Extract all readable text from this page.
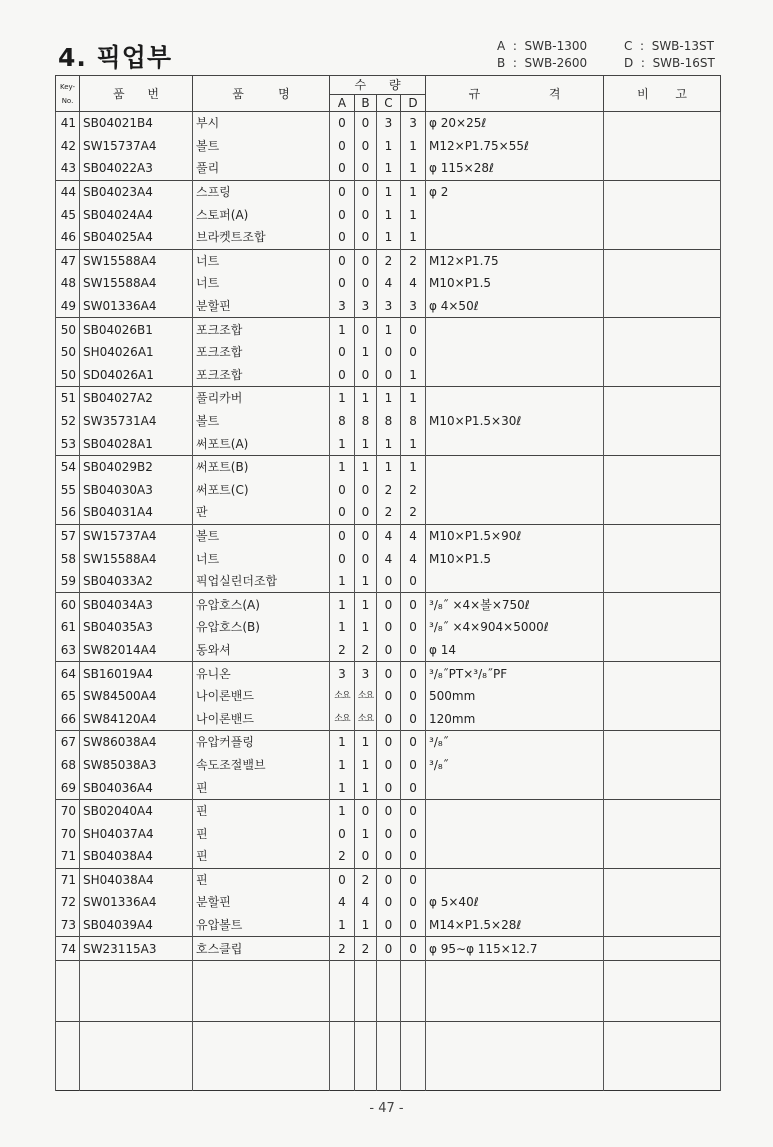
4. 픽업부	A  :  SWB-1300
B  :  SWB-2600
C  :  SWB-13ST
D  :  SWB-16ST
Key-
No.	품      번	품         명	수      량				규                  격	비       고
			A	B	C	D		
41	SB04021B4	부시	0	0	3	3	φ 20×25ℓ	
42	SW15737A4	볼트	0	0	1	1	M12×P1.75×55ℓ	
43	SB04022A3	풀리	0	0	1	1	φ 115×28ℓ	
44	SB04023A4	스프링	0	0	1	1	φ 2	
45	SB04024A4	스토퍼(A)	0	0	1	1		
46	SB04025A4	브라켓트조합	0	0	1	1		
47	SW15588A4	너트	0	0	2	2	M12×P1.75	
48	SW15588A4	너트	0	0	4	4	M10×P1.5	
49	SW01336A4	분할핀	3	3	3	3	φ 4×50ℓ	
50	SB04026B1	포크조합	1	0	1	0		
50	SH04026A1	포크조합	0	1	0	0		
50	SD04026A1	포크조합	0	0	0	1		
51	SB04027A2	풀리카버	1	1	1	1		
52	SW35731A4	볼트	8	8	8	8	M10×P1.5×30ℓ	
53	SB04028A1	써포트(A)	1	1	1	1		
54	SB04029B2	써포트(B)	1	1	1	1		
55	SB04030A3	써포트(C)	0	0	2	2		
56	SB04031A4	판	0	0	2	2		
57	SW15737A4	볼트	0	0	4	4	M10×P1.5×90ℓ	
58	SW15588A4	너트	0	0	4	4	M10×P1.5	
59	SB04033A2	픽업실린더조합	1	1	0	0		
60	SB04034A3	유압호스(A)	1	1	0	0	³/₈˝ ×4×볼×750ℓ	
61	SB04035A3	유압호스(B)	1	1	0	0	³/₈˝ ×4×904×5000ℓ	
63	SW82014A4	동와셔	2	2	0	0	φ 14	
64	SB16019A4	유니온	3	3	0	0	³/₈˝PT×³/₈˝PF	
65	SW84500A4	나이론밴드	소요	소요	0	0	500mm	
66	SW84120A4	나이론밴드	소요	소요	0	0	120mm	
67	SW86038A4	유압커플링	1	1	0	0	³/₈˝	
68	SW85038A3	속도조절밸브	1	1	0	0	³/₈˝	
69	SB04036A4	핀	1	1	0	0		
70	SB02040A4	핀	1	0	0	0		
70	SH04037A4	핀	0	1	0	0		
71	SB04038A4	핀	2	0	0	0		
71	SH04038A4	핀	0	2	0	0		
72	SW01336A4	분할핀	4	4	0	0	φ 5×40ℓ	
73	SB04039A4	유압볼트	1	1	0	0	M14×P1.5×28ℓ	
74	SW23115A3	호스클립	2	2	0	0	φ 95∼φ 115×12.7	

- 47 -
